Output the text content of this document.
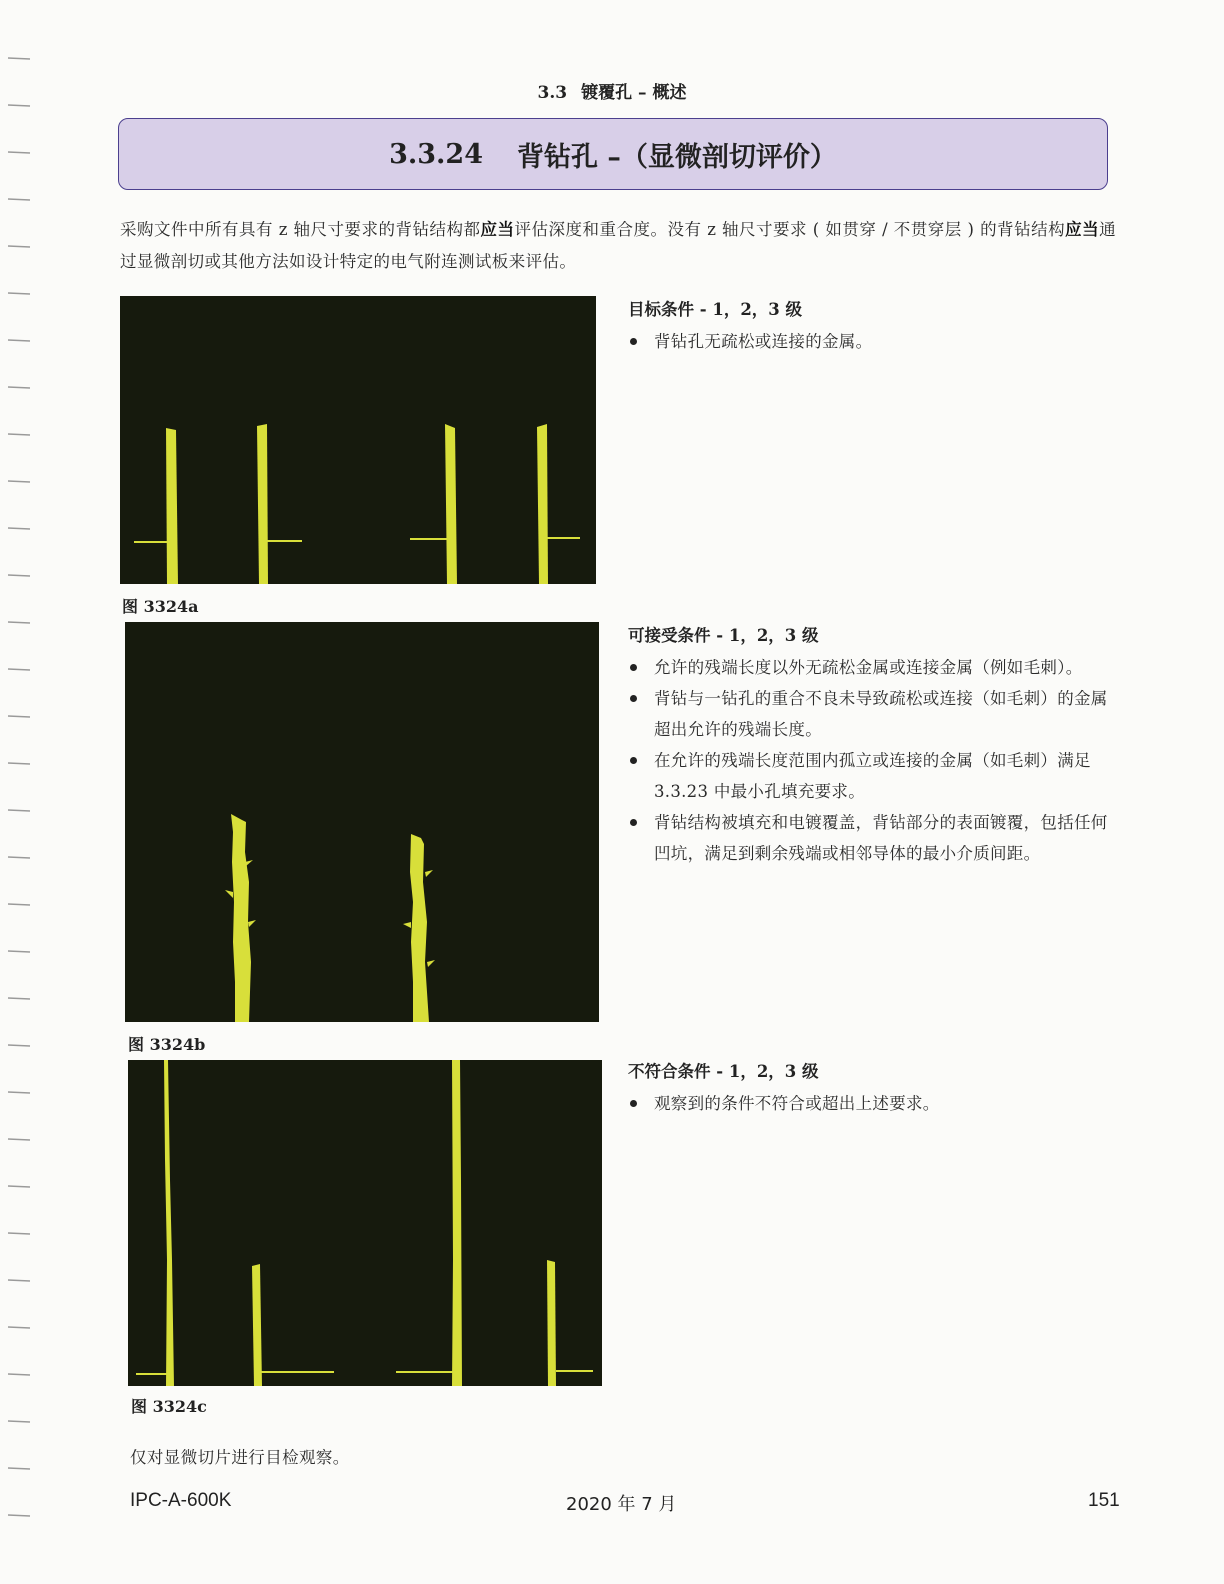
3.3 镀覆孔 – 概述
3.3.24 背钻孔 –（显微剖切评价）
采购文件中所有具有 z 轴尺寸要求的背钻结构都应当评估深度和重合度。没有 z 轴尺寸要求 ( 如贯穿 / 不贯穿层 ) 的背钻结构应当通过显微剖切或其他方法如设计特定的电气附连测试板来评估。
图 3324a
图 3324b
图 3324c
目标条件 - 1，2，3 级
背钻孔无疏松或连接的金属。
可接受条件 - 1，2，3 级
允许的残端长度以外无疏松金属或连接金属（例如毛刺）。
背钻与一钻孔的重合不良未导致疏松或连接（如毛刺）的金属超出允许的残端长度。
在允许的残端长度范围内孤立或连接的金属（如毛刺）满足 3.3.23 中最小孔填充要求。
背钻结构被填充和电镀覆盖，背钻部分的表面镀覆，包括任何凹坑，满足到剩余残端或相邻导体的最小介质间距。
不符合条件 - 1，2，3 级
观察到的条件不符合或超出上述要求。
仅对显微切片进行目检观察。
IPC-A-600K	2020 年 7 月	151
